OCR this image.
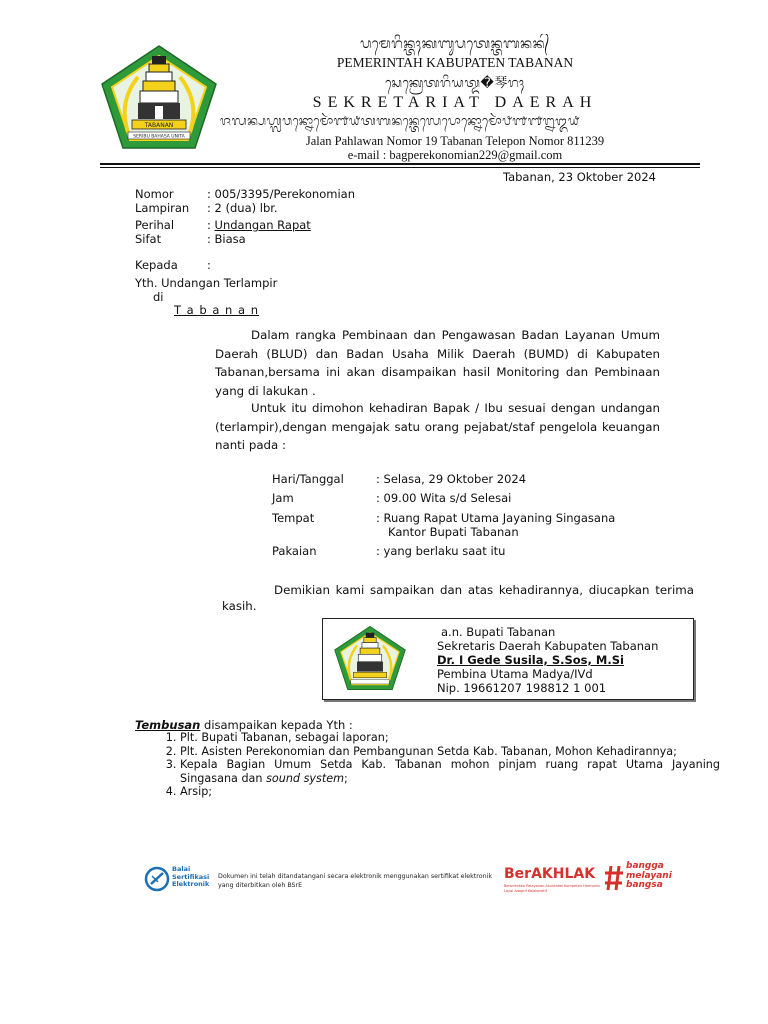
TABANAN
SERIBU BAHASA UNITA
ᬧᬫᬾᬭᬶᬦ᭄ᬢᬄᬓᬩᬸᬧᬢᬾᬦ᭄ᬢᬩᬦᬦ᭄
PEMERINTAH KABUPATEN TABANAN
ᬲᬾᬓ᭄ᬭᬾᬢᬭᬶᬬᬢ᭄ᬤ�琴ᬭᬄ
SEKRETARIAT DAERAH
ᬚᬮᬦ᭄ᬧᬳ᭄ᬮᬯᬦ᭄ᬦᭀᬫᭀᬃ᭑᭙ᬢᬩᬦᬦ᭄ᬢᬾᬮᬾᬧᭀᬦ᭄ᬦᭀᬫᭀᬃ᭘᭑᭑᭒᭓᭙
Jalan Pahlawan Nomor 19 Tabanan Telepon Nomor 811239
e-mail : bagperekonomian229@gmail.com
Tabanan, 23 Oktober 2024
Nomor	: 005/3395/Perekonomian
Lampiran : 2 (dua) lbr.
Perihal	: Undangan Rapat
Sifat	: Biasa
Kepada	:
Yth. Undangan Terlampir
di
T a b a n a n
Dalam rangka Pembinaan dan Pengawasan Badan Layanan Umum Daerah (BLUD) dan Badan Usaha Milik Daerah (BUMD) di Kabupaten Tabanan,bersama ini akan disampaikan hasil Monitoring dan Pembinaan yang di lakukan .
Untuk itu dimohon kehadiran Bapak / Ibu sesuai dengan undangan (terlampir),dengan mengajak satu orang pejabat/staf pengelola keuangan nanti pada :
Hari/Tanggal	: Selasa, 29 Oktober 2024
Jam	: 09.00 Wita s/d Selesai
Tempat	: Ruang Rapat Utama Jayaning Singasana
Kantor Bupati Tabanan
Pakaian	: yang berlaku saat itu
Demikian kami sampaikan dan atas kehadirannya, diucapkan terima kasih.
a.n. Bupati Tabanan
Sekretaris Daerah Kabupaten Tabanan
Dr. I Gede Susila, S.Sos, M.Si
Pembina Utama Madya/IVd
Nip. 19661207 198812 1 001
Tembusan disampaikan kepada Yth :
1. Plt. Bupati Tabanan, sebagai laporan;
2. Plt. Asisten Perekonomian dan Pembangunan Setda Kab. Tabanan, Mohon Kehadirannya;
3. Kepala Bagian Umum Setda Kab. Tabanan mohon pinjam ruang rapat Utama Jayaning Singasana dan sound system;
4. Arsip;
Balai
Sertifikasi
Elektronik
Dokumen ini telah ditandatangani secara elektronik menggunakan sertifikat elektronik
yang diterbitkan oleh BSrE
BerAKHLAK
Berorientasi Pelayanan Akuntabel Kompeten Harmonis Loyal Adaptif Kolaboratif
bangga
melayani
bangsa
